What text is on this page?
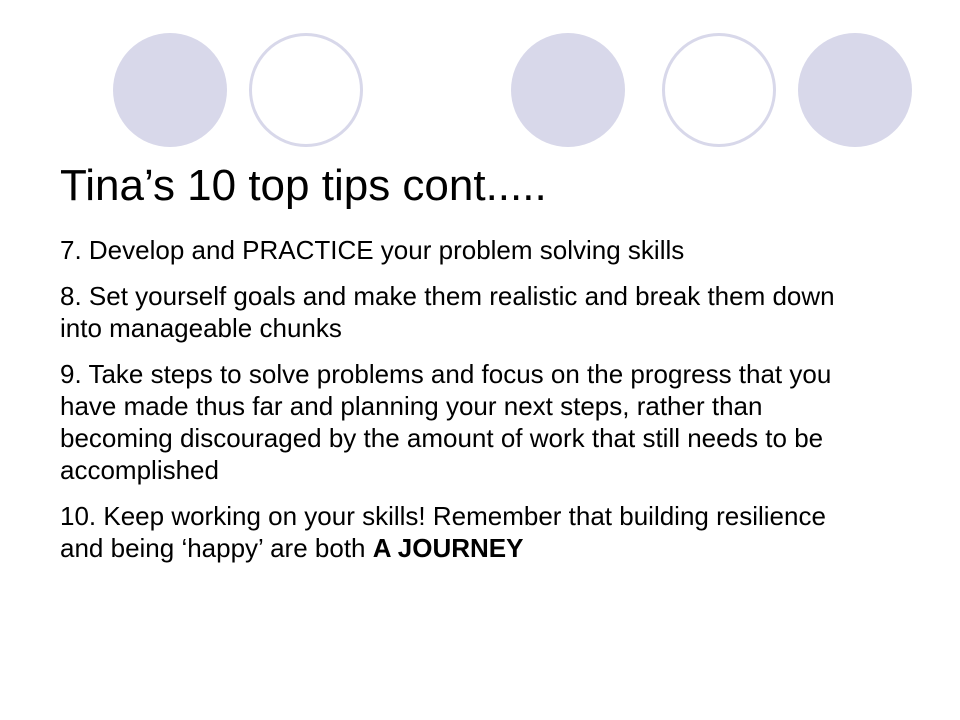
Tina’s 10 top tips cont.....
7. Develop and PRACTICE your problem solving skills
8. Set yourself goals and make them realistic and break them down into manageable chunks
9. Take steps to solve problems and focus on the progress that you have made thus far and planning your next steps, rather than becoming discouraged by the amount of work that still needs to be accomplished
10. Keep working on your skills! Remember that building resilience and being ‘happy’ are both A JOURNEY
